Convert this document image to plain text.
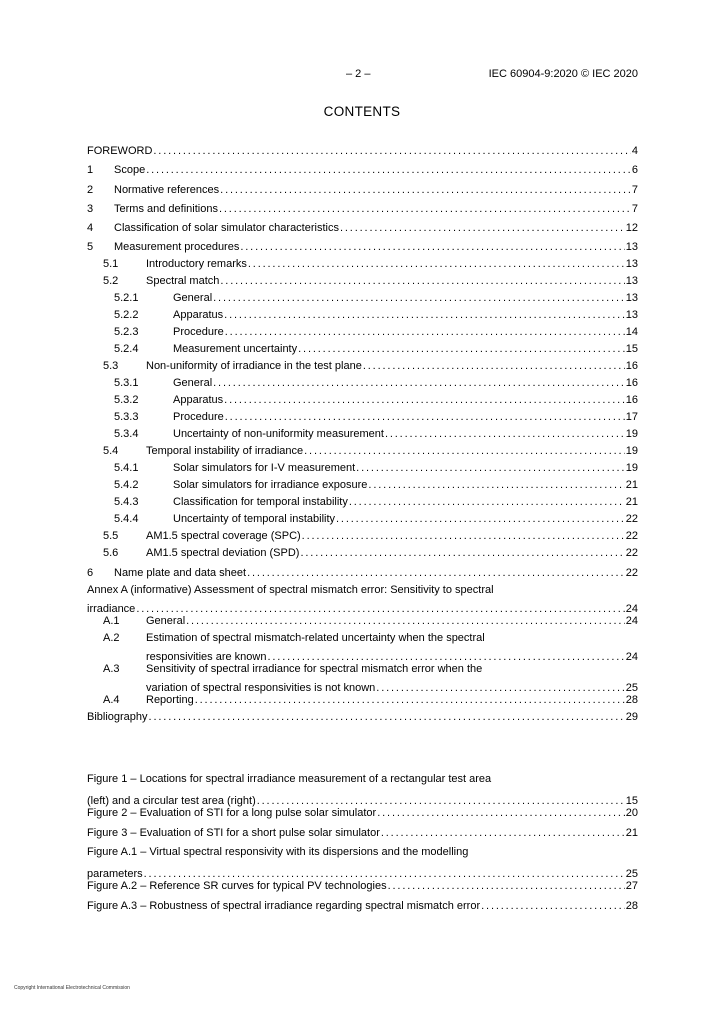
– 2 –	IEC 60904-9:2020 © IEC 2020
CONTENTS
FOREWORD . . .	4
1 Scope . . .	6
2 Normative references . . .	7
3 Terms and definitions . . .	7
4 Classification of solar simulator characteristics . . .	12
5 Measurement procedures . . .	13
5.1	Introductory remarks . . .	13
5.2	Spectral match . . .	13
5.2.1	General . . .	13
5.2.2	Apparatus . . .	13
5.2.3	Procedure . . .	14
5.2.4	Measurement uncertainty . . .	15
5.3	Non-uniformity of irradiance in the test plane . . .	16
5.3.1	General . . .	16
5.3.2	Apparatus . . .	16
5.3.3	Procedure . . .	17
5.3.4	Uncertainty of non-uniformity measurement . . .	19
5.4	Temporal instability of irradiance . . .	19
5.4.1	Solar simulators for I-V measurement . . .	19
5.4.2	Solar simulators for irradiance exposure . . .	21
5.4.3	Classification for temporal instability . . .	21
5.4.4	Uncertainty of temporal instability . . .	22
5.5	AM1.5 spectral coverage (SPC) . . .	22
5.6	AM1.5 spectral deviation (SPD) . . .	22
6 Name plate and data sheet . . .	22
Annex A (informative) Assessment of spectral mismatch error: Sensitivity to spectral
irradiance . . .	24
A.1 General . . .	24
A.2 Estimation of spectral mismatch-related uncertainty when the spectral
responsivities are known . . .	24
A.3 Sensitivity of spectral irradiance for spectral mismatch error when the
variation of spectral responsivities is not known . . .	25
A.4 Reporting . . .	28
Bibliography . . .	29
Figure 1 – Locations for spectral irradiance measurement of a rectangular test area
(left) and a circular test area (right) . . .	15
Figure 2 – Evaluation of STI for a long pulse solar simulator . . .	20
Figure 3 – Evaluation of STI for a short pulse solar simulator . . .	21
Figure A.1 – Virtual spectral responsivity with its dispersions and the modelling
parameters . . .	25
Figure A.2 – Reference SR curves for typical PV technologies . . .	27
Figure A.3 – Robustness of spectral irradiance regarding spectral mismatch error . . .	28
Copyright International Electrotechnical Commission
